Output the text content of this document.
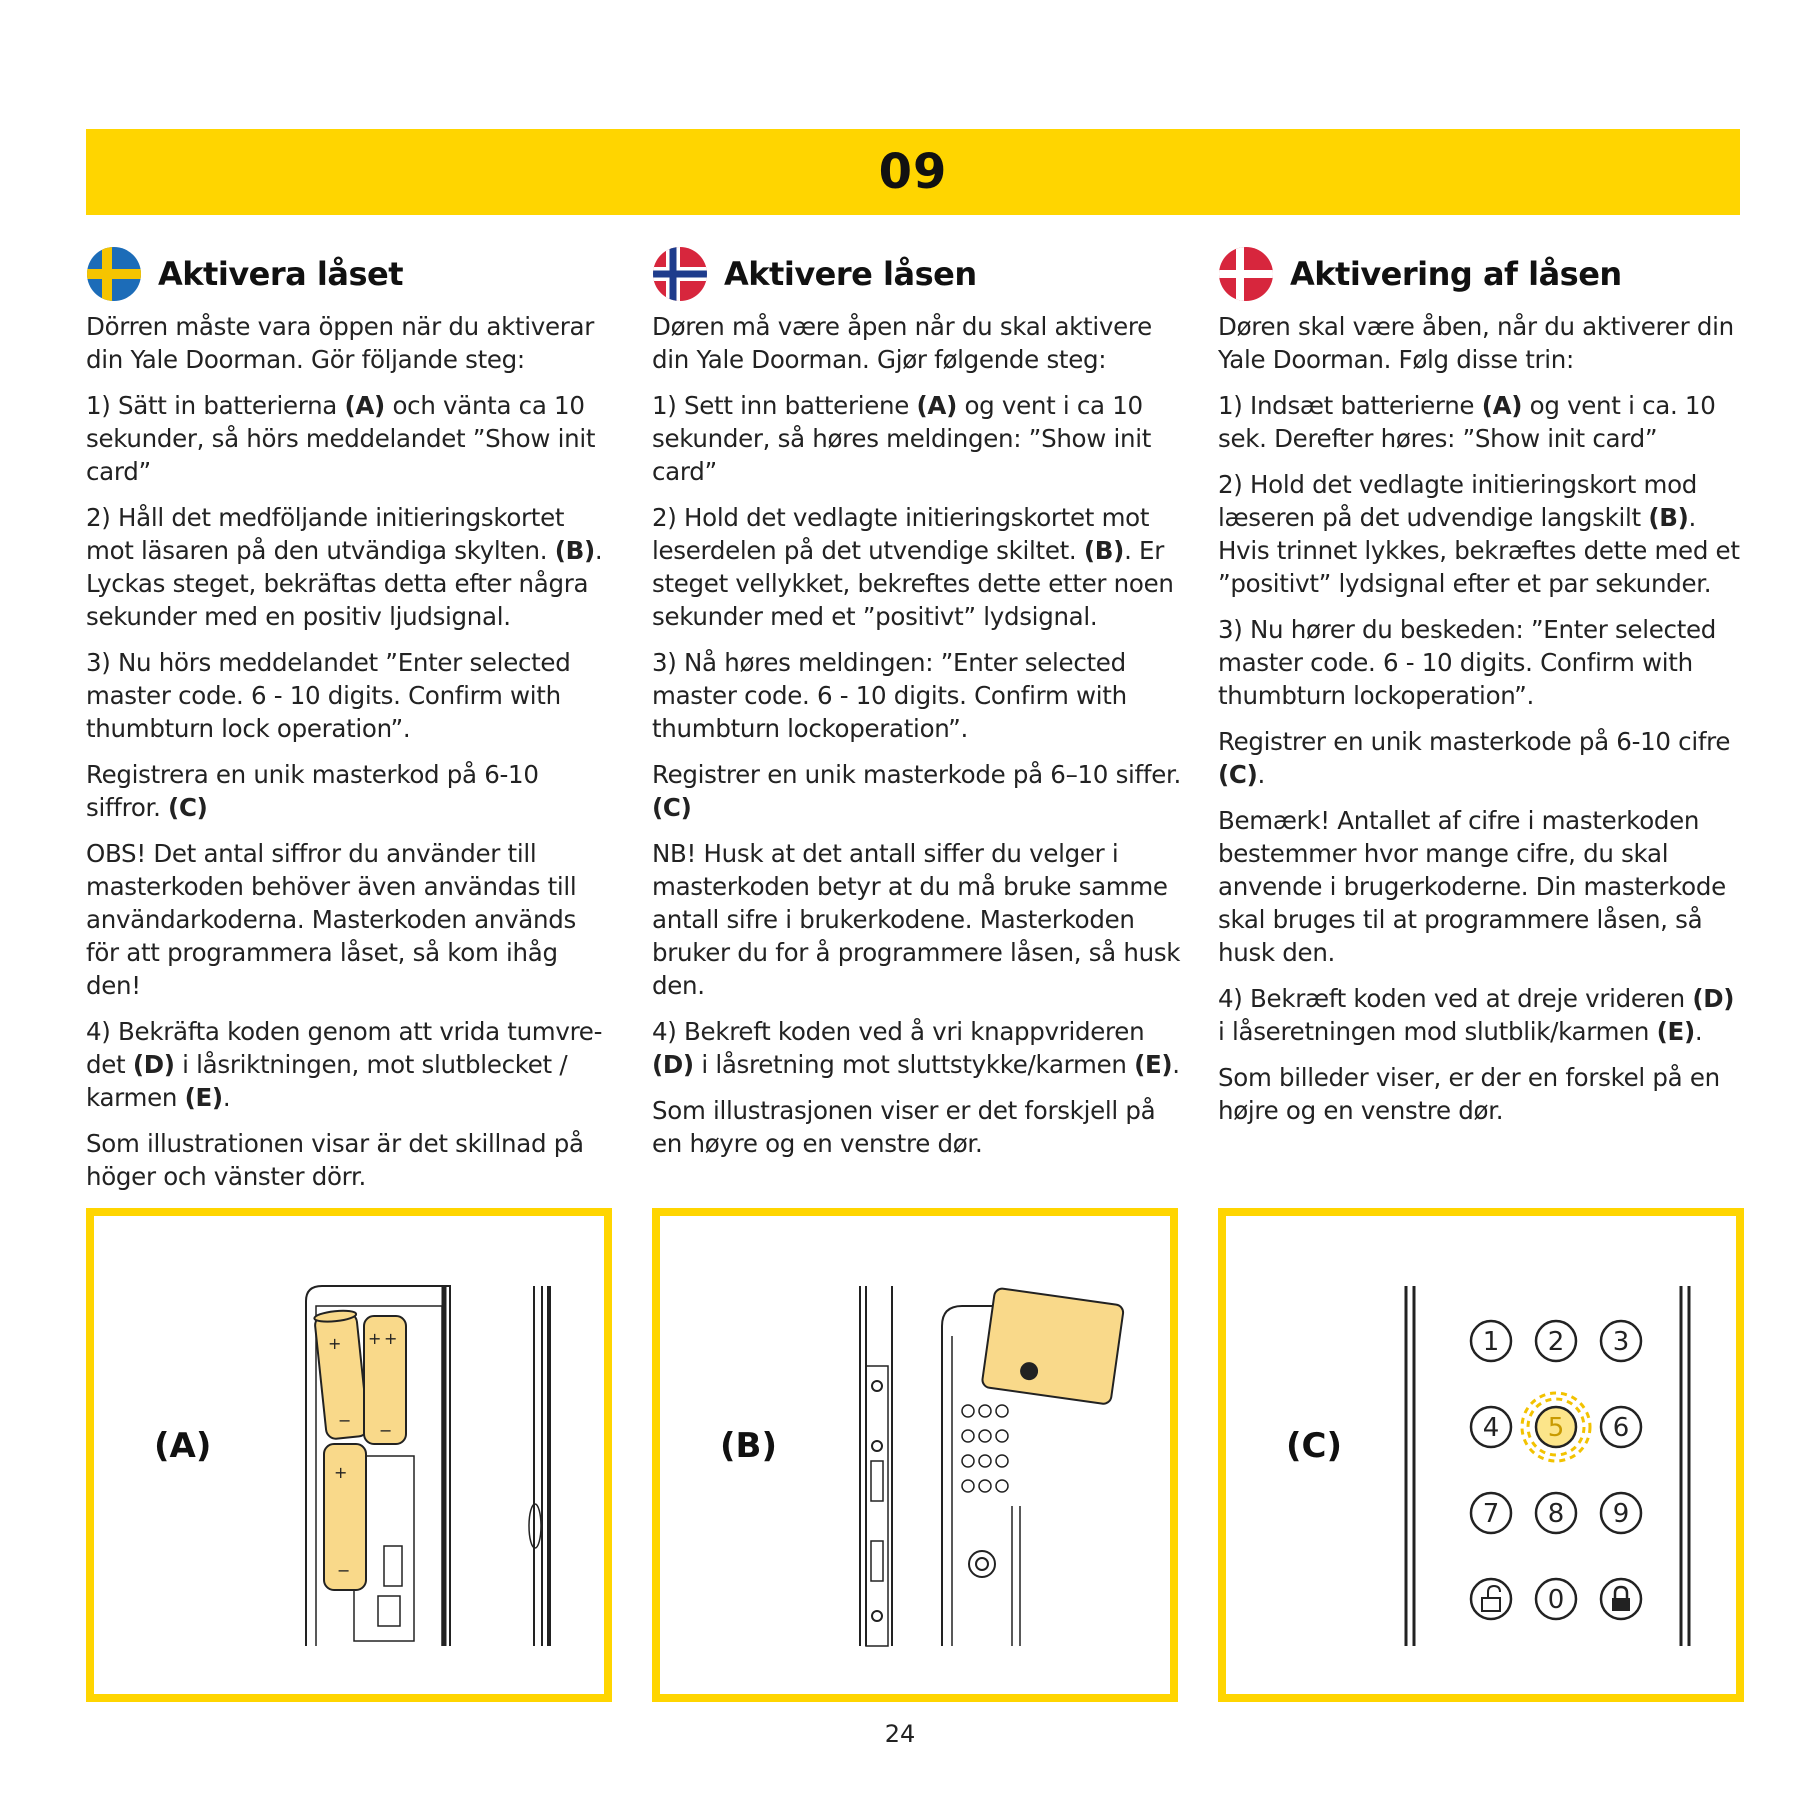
09
Aktivera låset

Dörren måste vara öppen när du aktiverar din Yale Doorman. Gör följande steg:

1) Sätt in batterierna (A) och vänta ca 10 sekunder, så hörs meddelandet ”Show init card”

2) Håll det medföljande initieringskortet mot läsaren på den utvändiga skylten. (B). Lyckas steget, bekräftas detta efter några sekunder med en positiv ljudsignal.

3) Nu hörs meddelandet ”Enter selected master code. 6 - 10 digits. Confirm with thumbturn lock operation”.

Registrera en unik masterkod på 6-10 siffror. (C)

OBS! Det antal siffror du använder till masterkoden behöver även användas till användarkoderna. Masterkoden används för att programmera låset, så kom ihåg den!

4) Bekräfta koden genom att vrida tumvre-det (D) i låsriktningen, mot slutblecket / karmen (E).

Som illustrationen visar är det skillnad på höger och vänster dörr.

Aktivere låsen

Døren må være åpen når du skal aktivere din Yale Doorman. Gjør følgende steg:

1) Sett inn batteriene (A) og vent i ca 10 sekunder, så høres meldingen: ”Show init card”

2) Hold det vedlagte initieringskortet mot leserdelen på det utvendige skiltet. (B). Er steget vellykket, bekreftes dette etter noen sekunder med et ”positivt” lydsignal.

3) Nå høres meldingen: ”Enter selected master code. 6 - 10 digits. Confirm with thumbturn lockoperation”.

Registrer en unik masterkode på 6–10 siffer. (C)

NB! Husk at det antall siffer du velger i masterkoden betyr at du må bruke samme antall sifre i brukerkodene. Masterkoden bruker du for å programmere låsen, så husk den.

4) Bekreft koden ved å vri knappvrideren (D) i låsretning mot sluttstykke/karmen (E).

Som illustrasjonen viser er det forskjell på en høyre og en venstre dør.

Aktivering af låsen

Døren skal være åben, når du aktiverer din Yale Doorman. Følg disse trin:

1) Indsæt batterierne (A) og vent i ca. 10 sek. Derefter høres: ”Show init card”

2) Hold det vedlagte initieringskort mod læseren på det udvendige langskilt (B). Hvis trinnet lykkes, bekræftes dette med et ”positivt” lydsignal efter et par sekunder.

3) Nu hører du beskeden: ”Enter selected master code. 6 - 10 digits. Confirm with thumbturn lockoperation”.

Registrer en unik masterkode på 6-10 cifre (C).

Bemærk! Antallet af cifre i masterkoden bestemmer hvor mange cifre, du skal anvende i brugerkoderne. Din masterkode skal bruges til at programmere låsen, så husk den.

4) Bekræft koden ved at dreje vrideren (D) i låseretningen mod slutblik/karmen (E).

Som billeder viser, er der en forskel på en højre og en venstre dør.

(A)
+	+
+
−
−
+
−
(B)	(C)
1 2 3
4 5 6
7 8 9
0
24
